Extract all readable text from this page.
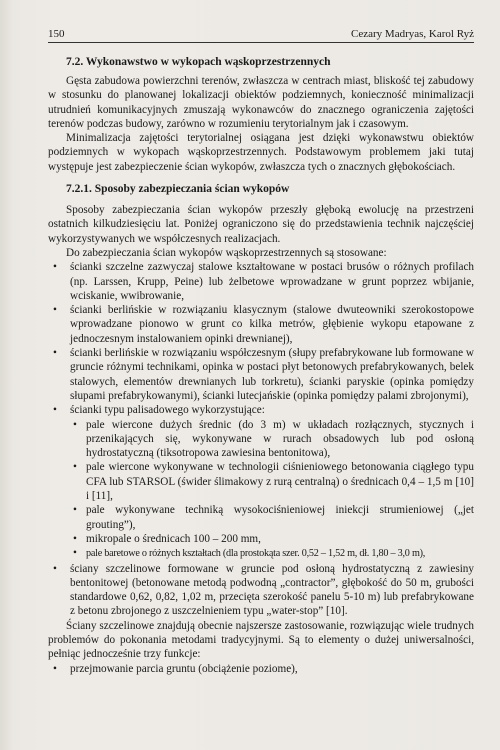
150	Cezary Madryas, Karol Ryż
7.2. Wykonawstwo w wykopach wąskoprzestrzennych

Gęsta zabudowa powierzchni terenów, zwłaszcza w centrach miast, bliskość tej zabudowy w stosunku do planowanej lokalizacji obiektów podziemnych, konieczność minimalizacji utrudnień komunikacyjnych zmuszają wykonawców do znacznego ograniczenia zajętości terenów podczas budowy, zarówno w rozumieniu terytorialnym jak i czasowym.

Minimalizacja zajętości terytorialnej osiągana jest dzięki wykonawstwu obiektów podziemnych w wykopach wąskoprzestrzennych. Podstawowym problemem jaki tutaj występuje jest zabezpieczenie ścian wykopów, zwłaszcza tych o znacznych głębokościach.

7.2.1. Sposoby zabezpieczania ścian wykopów

Sposoby zabezpieczania ścian wykopów przeszły głęboką ewolucję na przestrzeni ostatnich kilkudziesięciu lat. Poniżej ograniczono się do przedstawienia technik najczęściej wykorzystywanych we współczesnych realizacjach.

Do zabezpieczania ścian wykopów wąskoprzestrzennych są stosowane:

• ścianki szczelne zazwyczaj stalowe kształtowane w postaci brusów o różnych profilach (np. Larssen, Krupp, Peine) lub żelbetowe wprowadzane w grunt poprzez wbijanie, wciskanie, wwibrowanie,
• ścianki berlińskie w rozwiązaniu klasycznym (stalowe dwuteowniki szerokostopowe wprowadzane pionowo w grunt co kilka metrów, głębienie wykopu etapowane z jednoczesnym instalowaniem opinki drewnianej),
• ścianki berlińskie w rozwiązaniu współczesnym (słupy prefabrykowane lub formowane w gruncie różnymi technikami, opinka w postaci płyt betonowych prefabrykowanych, belek stalowych, elementów drewnianych lub torkretu), ścianki paryskie (opinka pomiędzy słupami prefabrykowanymi), ścianki lutecjańskie (opinka pomiędzy palami zbrojonymi),
• ścianki typu palisadowego wykorzystujące:
• pale wiercone dużych średnic (do 3 m) w układach rozłącznych, stycznych i przenikających się, wykonywane w rurach obsadowych lub pod osłoną hydrostatyczną (tiksotropowa zawiesina bentonitowa),
• pale wiercone wykonywane w technologii ciśnieniowego betonowania ciągłego typu CFA lub STARSOL (świder ślimakowy z rurą centralną) o średnicach 0,4 – 1,5 m [10] i [11],
• pale wykonywane techniką wysokociśnieniowej iniekcji strumieniowej („jet grouting”),
• mikropale o średnicach 100 – 200 mm,
• pale baretowe o różnych kształtach (dla prostokąta szer. 0,52 – 1,52 m, dł. 1,80 – 3,0 m),
• ściany szczelinowe formowane w gruncie pod osłoną hydrostatyczną z zawiesiny bentonitowej (betonowane metodą podwodną „contractor”, głębokość do 50 m, grubości standardowe 0,62, 0,82, 1,02 m, przecięta szerokość panelu 5-10 m) lub prefabrykowane z betonu zbrojonego z uszczelnieniem typu „water-stop” [10].

Ściany szczelinowe znajdują obecnie najszersze zastosowanie, rozwiązując wiele trudnych problemów do pokonania metodami tradycyjnymi. Są to elementy o dużej uniwersalności, pełniąc jednocześnie trzy funkcje:

• przejmowanie parcia gruntu (obciążenie poziome),
